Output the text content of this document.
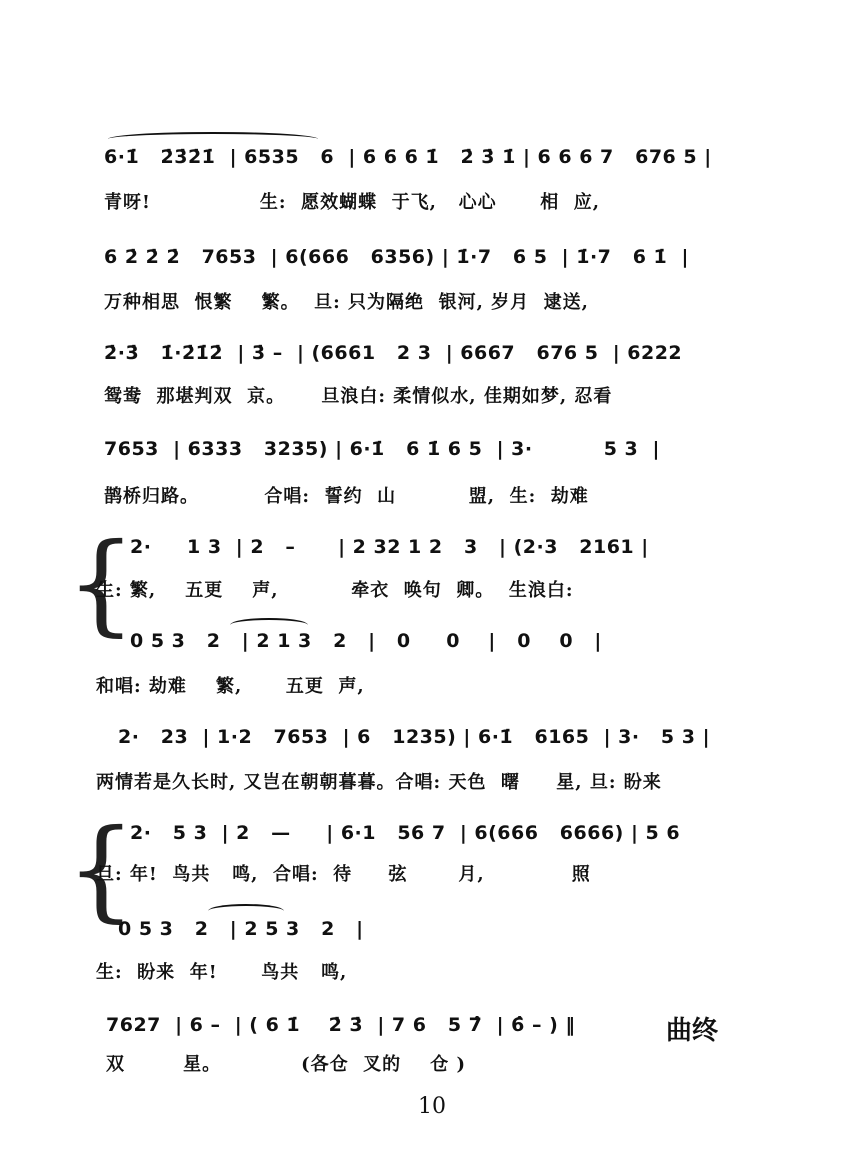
6·1̇   2̇3̇2̇1̇  | 6535   6  | 6 6 6 1̇   2̇ 3̇ 1̇ | 6 6 6 7   676 5 |
青呀!               生:  愿效蝴蝶  于飞,   心心      相  应,
6 2̇ 2̇ 2̇   7653  | 6(666   6356) | 1̇·7   6 5  | 1̇·7   6 1̇  |
万种相思  恨繁    繁。  旦: 只为隔绝  银河, 岁月  逮送,
2̇·3̇   1̇·2̇1̇2̇  | 3̇ –  | (6661   2 3  | 6667   676 5  | 6222
鸳鸯  那堪判双  京。     旦浪白: 柔情似水, 佳期如梦, 忍看
7653  | 6333   3235) | 6·1̇   6 1̇ 6 5  | 3·          5 3  |
鹊桥归路。         合唱:  誓约  山          盟,  生:  劫难
{
2·     1 3  | 2   –      | 2 32 1 2   3   | (2·3   2161 |
生: 繁,    五更    声,          牵衣  唤句  卿。  生浪白:
0 5 3   2   | 2 1 3   2   |   0     0    |   0    0   |
和唱: 劫难    繁,      五更  声,
2·   23  | 1·2   7653  | 6   1235) | 6·1̇   6165  | 3·   5 3 |
两情若是久长时, 又岂在朝朝暮暮。合唱: 天色  曙     星, 旦: 盼来
{
2·   5 3  | 2   —     | 6·1   56 7  | 6(666   6666) | 5 6
旦: 年!  鸟共   鸣,  合唱:  待     弦       月,            照
0 5 3   2   | 2 5 3   2   |
生:  盼来  年!      鸟共   鸣,
7627  | 6 –  | ( 6 1̇    2̇ 3̇  | 7 6   5 7̂  | 6̂ – ) ‖	曲终
双        星。           (各仓  叉的    仓 )
10
